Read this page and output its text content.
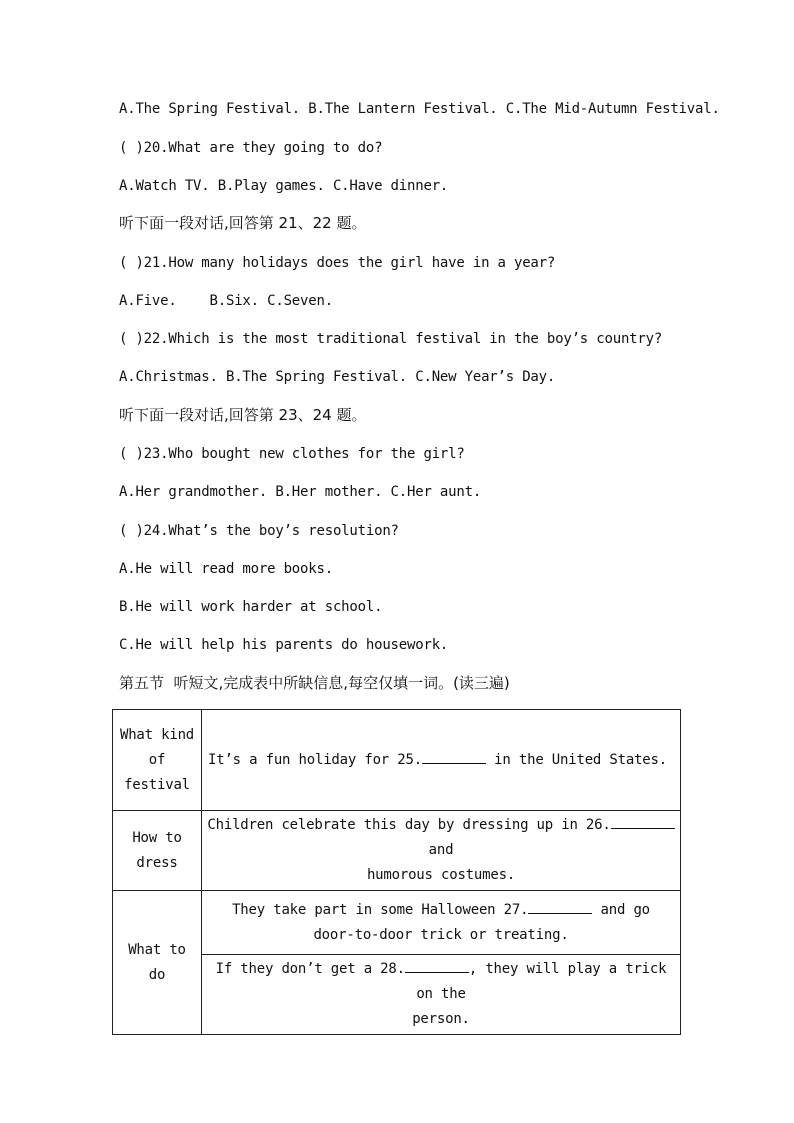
A.The Spring Festival. B.The Lantern Festival. C.The Mid-Autumn Festival.
( )20.What are they going to do?
A.Watch TV. B.Play games. C.Have dinner.
听下面一段对话,回答第 21、22 题。
( )21.How many holidays does the girl have in a year?
A.Five.    B.Six. C.Seven.
( )22.Which is the most traditional festival in the boy’s country?
A.Christmas. B.The Spring Festival. C.New Year’s Day.
听下面一段对话,回答第 23、24 题。
( )23.Who bought new clothes for the girl?
A.Her grandmother. B.Her mother. C.Her aunt.
( )24.What’s the boy’s resolution?
A.He will read more books.
B.He will work harder at school.
C.He will help his parents do housework.
第五节  听短文,完成表中所缺信息,每空仅填一词。(读三遍)
What kind
of
festival	It’s a fun holiday for 25. in the United States.
How to
dress	Children celebrate this day by dressing up in 26. and
humorous costumes.
What to do	They take part in some Halloween 27. and go
door-to-door trick or treating.
	If they don’t get a 28. , they will play a trick on the
person.
